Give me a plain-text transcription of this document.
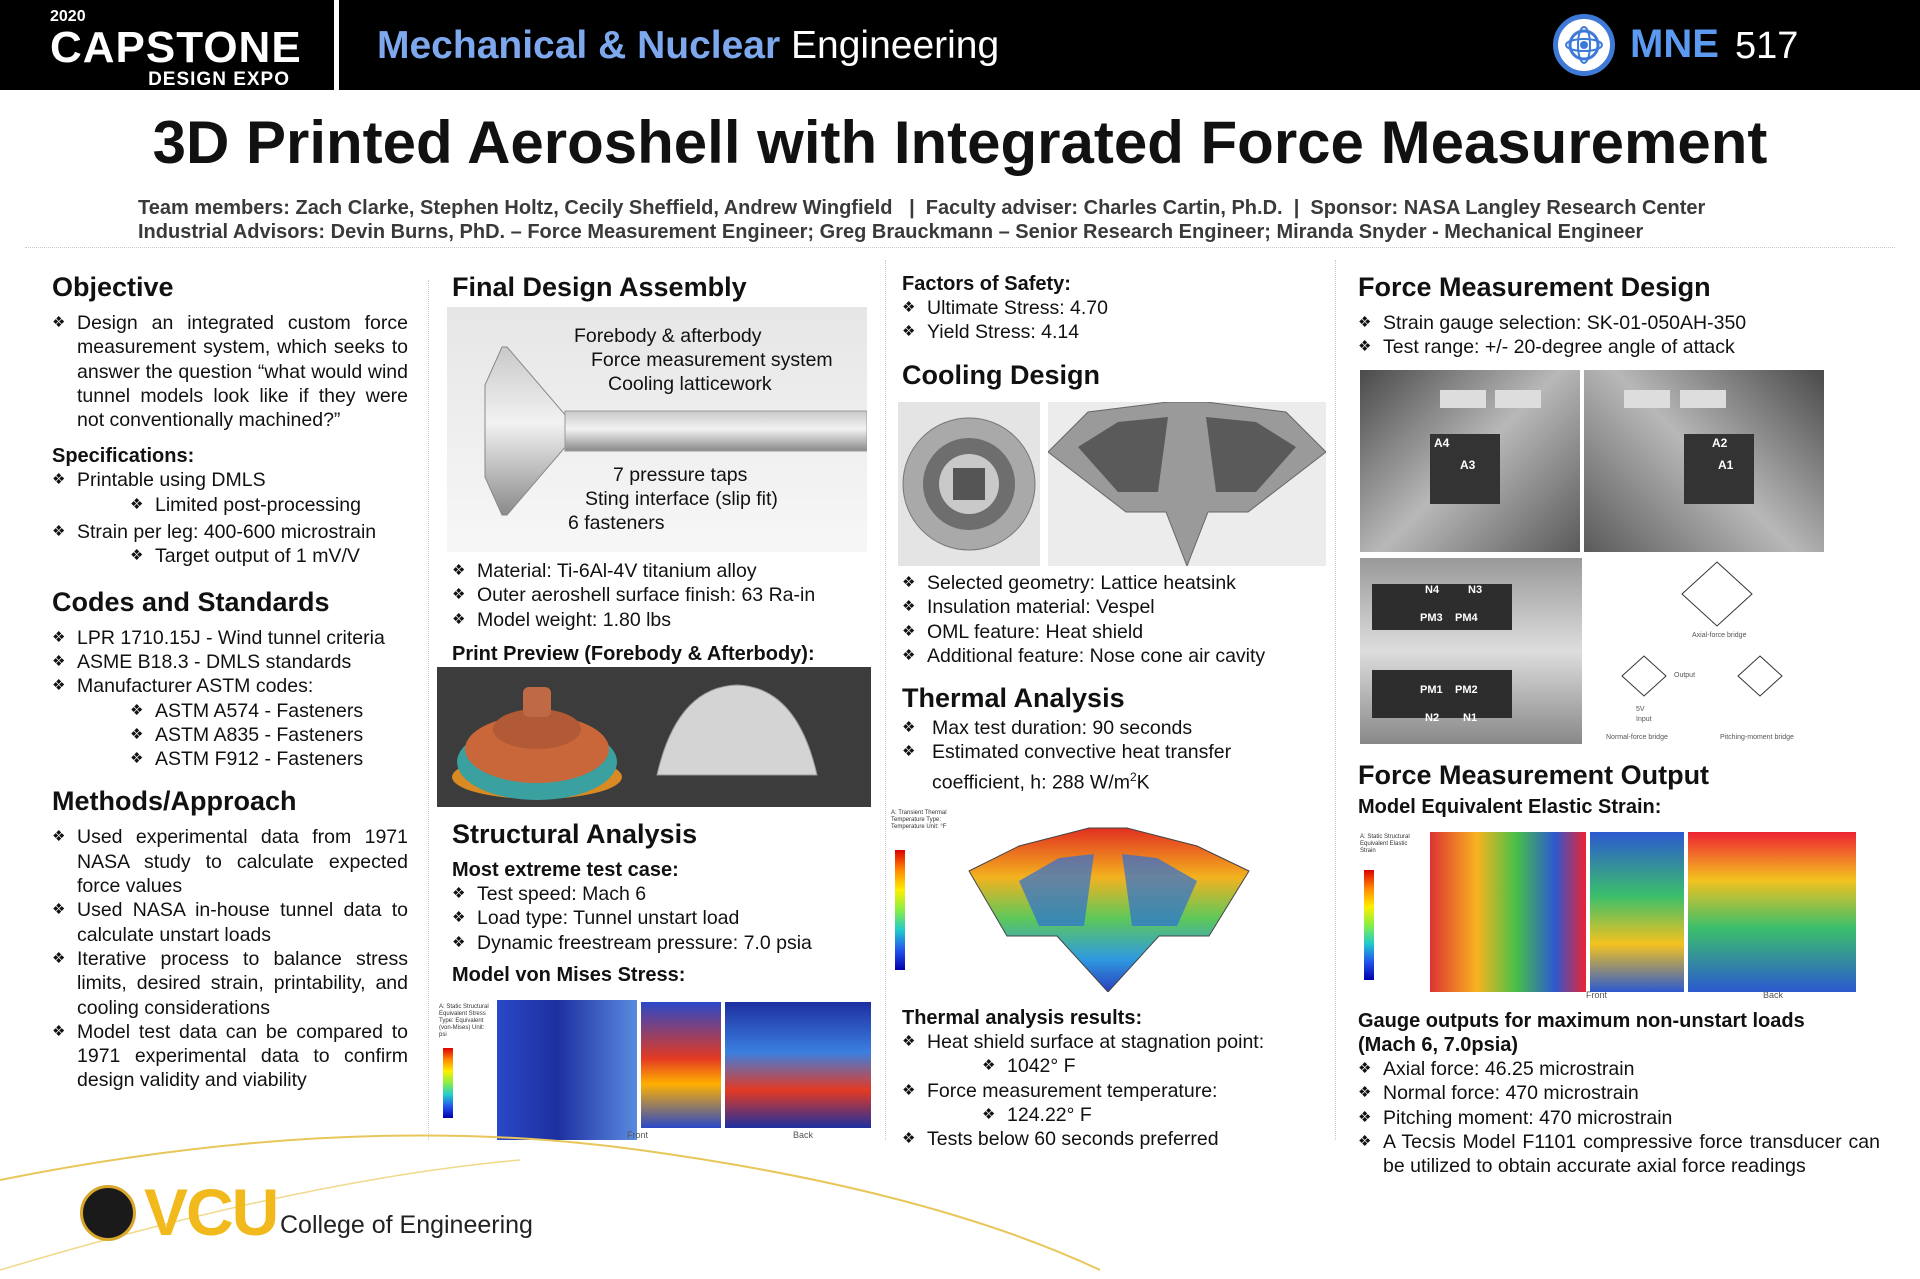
2020
CAPSTONE
DESIGN EXPO
Mechanical & Nuclear Engineering	MNE 517
3D Printed Aeroshell with Integrated Force Measurement
Team members: Zach Clarke, Stephen Holtz, Cecily Sheffield, Andrew Wingfield   |  Faculty adviser: Charles Cartin, Ph.D.  |  Sponsor: NASA Langley Research Center
Industrial Advisors: Devin Burns, PhD. – Force Measurement Engineer; Greg Brauckmann – Senior Research Engineer; Miranda Snyder - Mechanical Engineer
Objective
❖ Design an integrated custom force measurement system, which seeks to answer the question “what would wind tunnel models look like if they were not conventionally machined?”
Specifications:
❖ Printable using DMLS
❖ Limited post-processing
❖ Strain per leg: 400-600 microstrain
❖ Target output of 1 mV/V
Codes and Standards
❖ LPR 1710.15J - Wind tunnel criteria
❖ ASME B18.3 - DMLS standards
❖ Manufacturer ASTM codes:
❖ ASTM A574 - Fasteners
❖ ASTM A835 - Fasteners
❖ ASTM F912 - Fasteners
Methods/Approach
❖ Used experimental data from 1971 NASA study to calculate expected force values
❖ Used NASA in-house tunnel data to calculate unstart loads
❖ Iterative process to balance stress limits, desired strain, printability, and cooling considerations
❖ Model test data can be compared to 1971 experimental data to confirm design validity and viability
Final Design Assembly
Forebody & afterbody
Force measurement system
Cooling latticework
7 pressure taps
Sting interface (slip fit)
6 fasteners
❖ Material: Ti-6Al-4V titanium alloy
❖ Outer aeroshell surface finish: 63 Ra-in
❖ Model weight: 1.80 lbs
Print Preview (Forebody & Afterbody):
Structural Analysis
Most extreme test case:
❖ Test speed: Mach 6
❖ Load type: Tunnel unstart load
❖ Dynamic freestream pressure: 7.0 psia
Model von Mises Stress:
A: Static Structural Equivalent Stress Type: Equivalent (von-Mises) Unit: psi
Front	Back
Factors of Safety:
❖ Ultimate Stress: 4.70
❖ Yield Stress: 4.14
Cooling Design
❖ Selected geometry: Lattice heatsink
❖ Insulation material: Vespel
❖ OML feature: Heat shield
❖ Additional feature: Nose cone air cavity
Thermal Analysis
❖ Max test duration: 90 seconds
❖ Estimated convective heat transfer
coefficient, h: 288 $W/m^2K$
A: Transient Thermal Temperature Type: Temperature Unit: °F
Thermal analysis results:
❖ Heat shield surface at stagnation point:
❖ 1042° F
❖ Force measurement temperature:
❖ 124.22° F
❖ Tests below 60 seconds preferred
Force Measurement Design
❖ Strain gauge selection: SK-01-050AH-350
❖ Test range: +/- 20-degree angle of attack
A4
A3
A2
A1
N4	N3
PM3 PM4
PM1 PM2
N2 N1
Axial-force bridge
Normal-force bridge	Pitching-moment bridge
Output
Input
5V
Force Measurement Output
Model Equivalent Elastic Strain:
A: Static Structural Equivalent Elastic Strain
Front	Back
Gauge outputs for maximum non-unstart loads
(Mach 6, 7.0psia)
❖ Axial force: 46.25 microstrain
❖ Normal force: 470 microstrain
❖ Pitching moment: 470 microstrain
❖ A Tecsis Model F1101 compressive force transducer can be utilized to obtain accurate axial force readings
VCU College of Engineering
